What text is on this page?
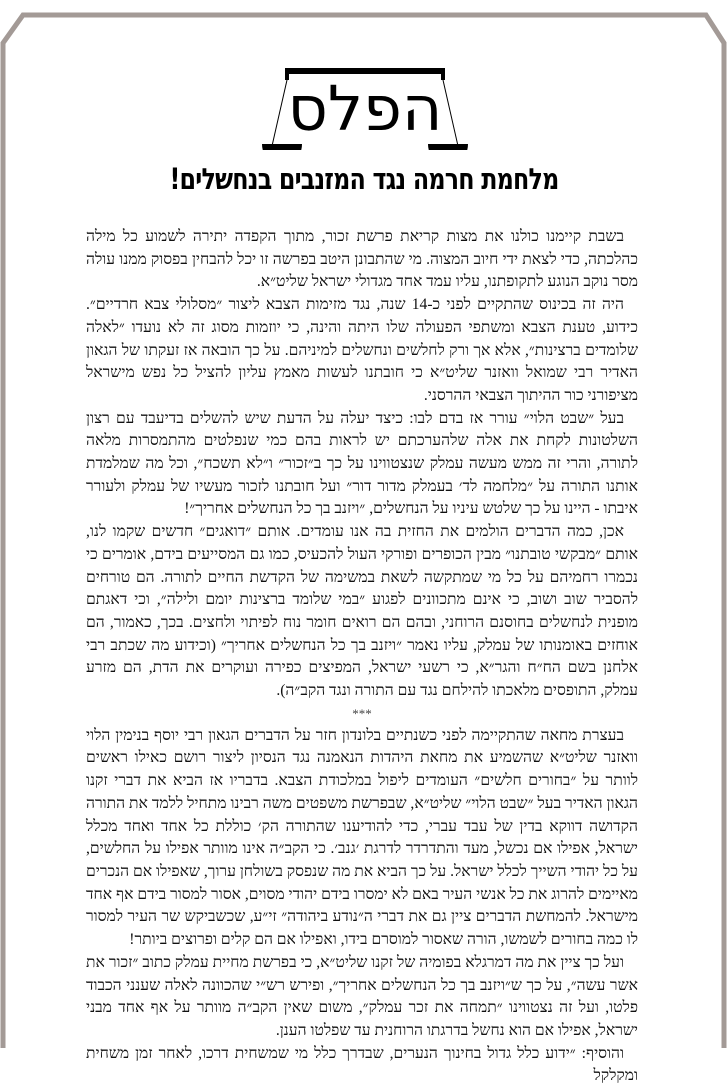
הפלס
מלחמת חרמה נגד המזנבים בנחשלים!

בשבת קיימנו כולנו את מצות קריאת פרשת זכור, מתוך הקפדה יתירה לשמוע כל מילה כהלכתה, כדי לצאת ידי חיוב המצוה. מי שהתבונן היטב בפרשה זו יכל להבחין בפסוק ממנו עולה מסר נוקב הנוגע לתקופתנו, עליו עמד אחד מגדולי ישראל שליט״א.

היה זה בכינוס שהתקיים לפני כ-14 שנה, נגד מזימות הצבא ליצור ״מסלולי צבא חרדיים״. כידוע, טענת הצבא ומשתפי הפעולה שלו היתה והינה, כי יוזמות מסוג זה לא נועדו ״לאלה שלומדים ברצינות״, אלא אך ורק לחלשים ונחשלים למיניהם. על כך הובאה אז זעקתו של הגאון האדיר רבי שמואל וואזנר שליט״א כי חובתנו לעשות מאמץ עליון להציל כל נפש מישראל מציפורני כור ההיתוך הצבאי ההרסני.

בעל ״שבט הלוי״ עורר אז בדם לבו: כיצד יעלה על הדעת שיש להשלים בדיעבד עם רצון השלטונות לקחת את אלה שלהערכתם יש לראות בהם כמי שנפלטים מהתמסרות מלאה לתורה, והרי זה ממש מעשה עמלק שנצטווינו על כך ב״זכור״ ו״לא תשכח״, וכל מה שמלמדת אותנו התורה על ״מלחמה לד׳ בעמלק מדור דור״ ועל חובתנו לזכור מעשיו של עמלק ולעורר איבתו - היינו על כך שלטש עיניו על הנחשלים, ״ויזנב בך כל הנחשלים אחריך״!

אכן, כמה הדברים הולמים את החזית בה אנו עומדים. אותם ״דואגים״ חדשים שקמו לנו, אותם ״מבקשי טובתנו״ מבין הכופרים ופורקי העול להכעיס, כמו גם המסייעים בידם, אומרים כי נכמרו רחמיהם על כל מי שמתקשה לשאת במשימה של הקדשת החיים לתורה. הם טורחים להסביר שוב ושוב, כי אינם מתכוונים לפגוע ״במי שלומד ברצינות יומם ולילה״, וכי דאגתם מופנית לנחשלים בחוסנם הרוחני, ובהם הם רואים חומר נוח לפיתוי ולחצים. בכך, כאמור, הם אוחזים באומנותו של עמלק, עליו נאמר ״ויזנב בך כל הנחשלים אחריך״ (וכידוע מה שכתב רבי אלחנן בשם הח״ח והגר״א, כי רשעי ישראל, המפיצים כפירה ועוקרים את הדת, הם מזרע עמלק, התופסים מלאכתו להילחם נגד עם התורה ונגד הקב״ה).

***

בעצרת מחאה שהתקיימה לפני כשנתיים בלונדון חזר על הדברים הגאון רבי יוסף בנימין הלוי וואזנר שליט״א שהשמיע את מחאת היהדות הנאמנה נגד הנסיון ליצור רושם כאילו ראשים לוותר על ״בחורים חלשים״ העומדים ליפול במלכודת הצבא. בדבריו אז הביא את דברי זקנו הגאון האדיר בעל ״שבט הלוי״ שליט״א, שבפרשת משפטים משה רבינו מתחיל ללמד את התורה הקדושה דווקא בדין של עבד עברי, כדי להודיענו שהתורה הק׳ כוללת כל אחד ואחד מכלל ישראל, אפילו אם נכשל, מעד והתדרדר לדרגת ׳גנב׳. כי הקב״ה אינו מוותר אפילו על החלשים, על כל יהודי השייך לכלל ישראל. על כך הביא את מה שנפסק בשולחן ערוך, שאפילו אם הנכרים מאיימים להרוג את כל אנשי העיר באם לא ימסרו בידם יהודי מסוים, אסור למסור בידם אף אחד מישראל. להמחשת הדברים ציין גם את דברי ה״נודע ביהודה״ זי״ע, שכשביקש שר העיר למסור לו כמה בחורים לשמשו, הורה שאסור למוסרם בידו, ואפילו אם הם קלים ופרוצים ביותר!

ועל כך ציין את מה דמרגלא בפומיה של זקנו שליט״א, כי בפרשת מחיית עמלק כתוב ״זכור את אשר עשה״, על כך ש״ויזנב בך כל הנחשלים אחריך״, ופירש רש״י שהכוונה לאלה שענני הכבוד פלטו, ועל זה נצטווינו ״תמחה את זכר עמלק״, משום שאין הקב״ה מוותר על אף אחד מבני ישראל, אפילו אם הוא נחשל בדרגתו הרוחנית עד שפלטו הענן.

והוסיף: ״ידוע כלל גדול בחינוך הנערים, שבדרך כלל מי שמשחית דרכו, לאחר זמן משחית ומקלקל
